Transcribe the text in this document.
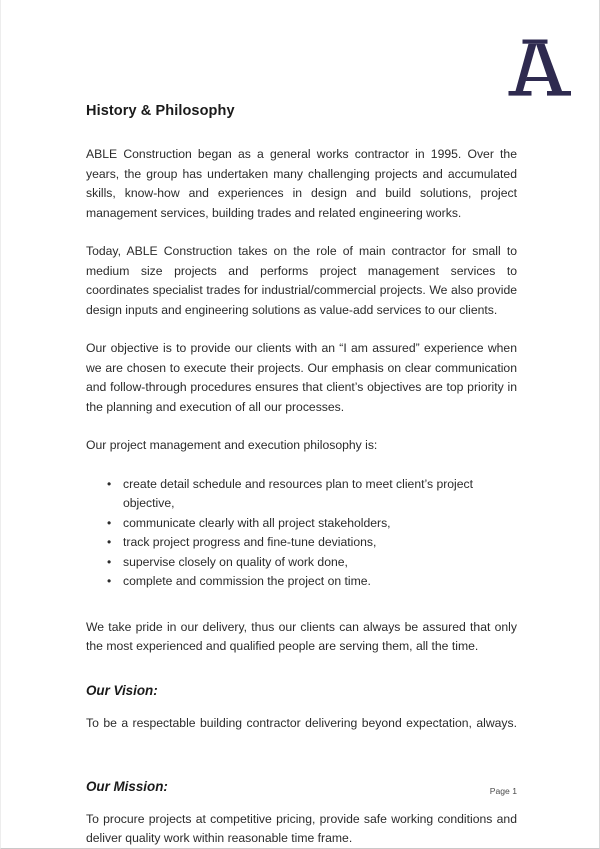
History & Philosophy

ABLE Construction began as a general works contractor in 1995. Over the years, the group has undertaken many challenging projects and accumulated skills, know-how and experiences in design and build solutions, project management services, building trades and related engineering works.

Today, ABLE Construction takes on the role of main contractor for small to medium size projects and performs project management services to coordinates specialist trades for industrial/commercial projects. We also provide design inputs and engineering solutions as value-add services to our clients.

Our objective is to provide our clients with an “I am assured” experience when we are chosen to execute their projects. Our emphasis on clear communication and follow-through procedures ensures that client’s objectives are top priority in the planning and execution of all our processes.

Our project management and execution philosophy is:

• create detail schedule and resources plan to meet client’s project objective,
• communicate clearly with all project stakeholders,
• track project progress and fine-tune deviations,
• supervise closely on quality of work done,
• complete and commission the project on time.

We take pride in our delivery, thus our clients can always be assured that only the most experienced and qualified people are serving them, all the time.

Our Vision:

To be a respectable building contractor delivering beyond expectation, always.

Our Mission:

To procure projects at competitive pricing, provide safe working conditions and deliver quality work within reasonable time frame.

Page 1
